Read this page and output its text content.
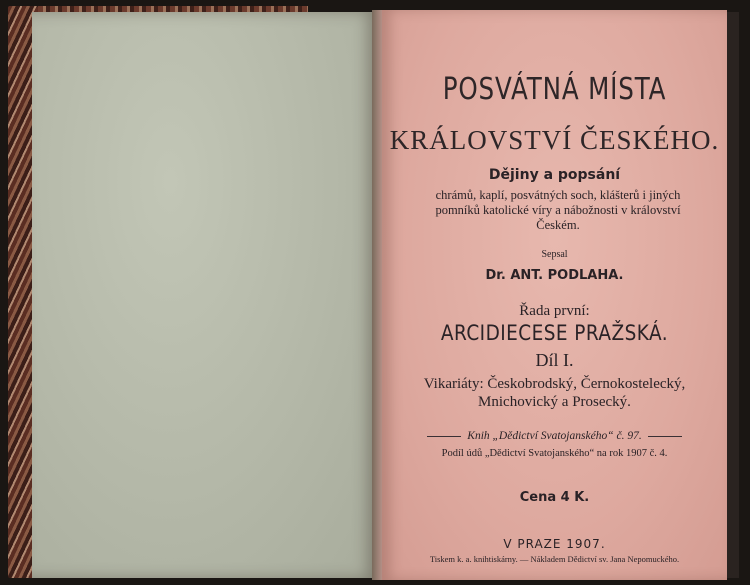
POSVÁTNÁ MÍSTA
KRÁLOVSTVÍ ČESKÉHO.
Dějiny a popsání
chrámů, kaplí, posvátných soch, klášterů i jiných
pomníků katolické víry a nábožnosti v království
Českém.
Sepsal
Dr. ANT. PODLAHA.
Řada první:
ARCIDIECESE PRAŽSKÁ.
Díl I.
Vikariáty: Českobrodský, Černokostelecký,
Mnichovický a Prosecký.
Knih „Dědictví Svatojanského“ č. 97.
Podíl údů „Dědictví Svatojanského“ na rok 1907 č. 4.
Cena 4 K.
V PRAZE 1907.
Tiskem k. a. knihtiskárny. — Nákladem Dědictví sv. Jana Nepomuckého.
